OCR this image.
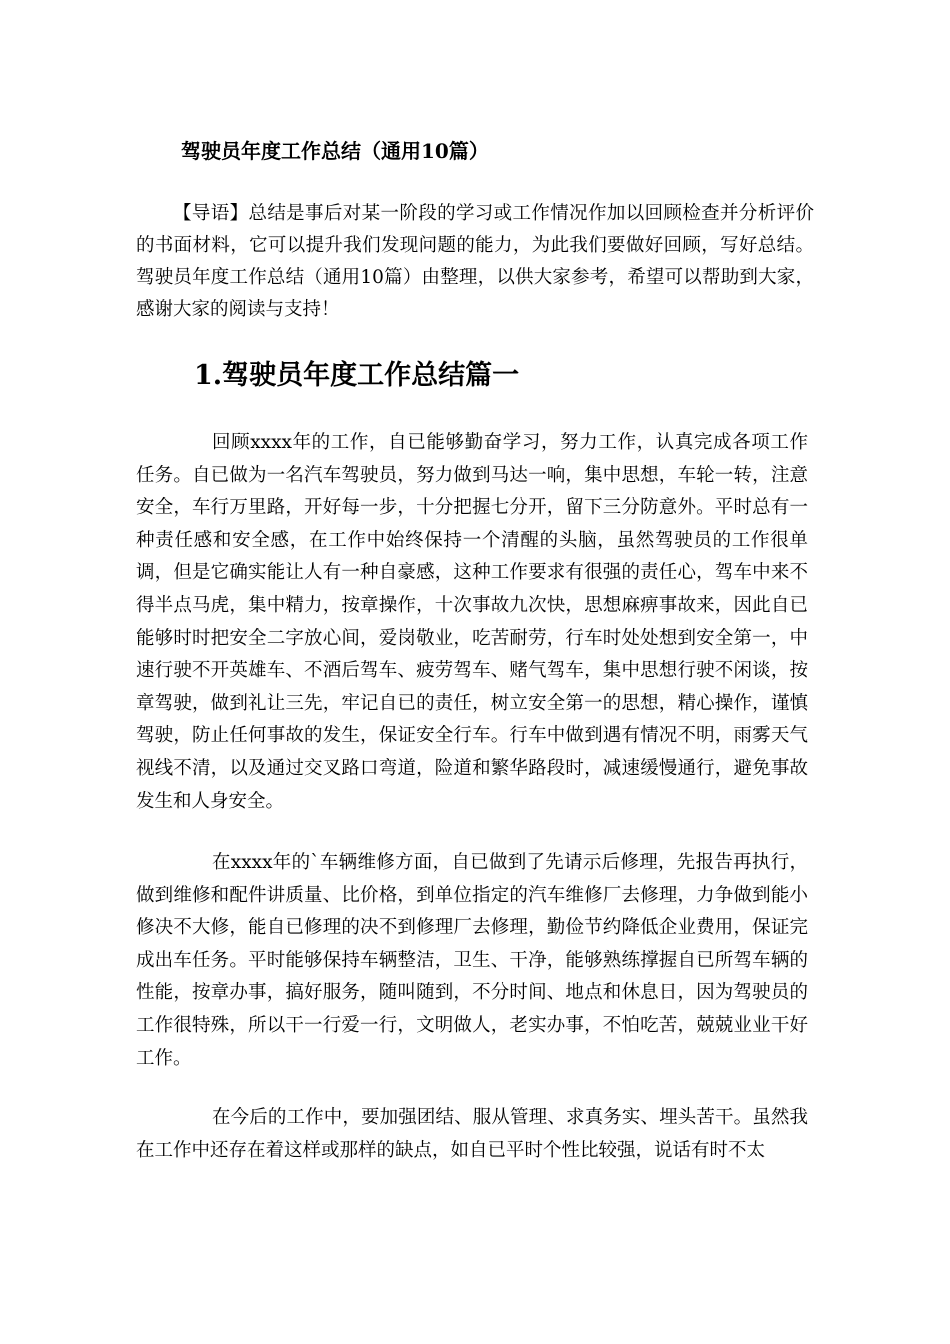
驾驶员年度工作总结（通用10篇）

【导语】总结是事后对某一阶段的学习或工作情况作加以回顾检查并分析评价的书面材料，它可以提升我们发现问题的能力，为此我们要做好回顾，写好总结。驾驶员年度工作总结（通用10篇）由整理，以供大家参考，希望可以帮助到大家，感谢大家的阅读与支持！

1.驾驶员年度工作总结篇一

回顾xxxx年的工作，自已能够勤奋学习，努力工作，认真完成各项工作任务。自已做为一名汽车驾驶员，努力做到马达一响，集中思想，车轮一转，注意安全，车行万里路，开好每一步，十分把握七分开，留下三分防意外。平时总有一种责任感和安全感，在工作中始终保持一个清醒的头脑，虽然驾驶员的工作很单调，但是它确实能让人有一种自豪感，这种工作要求有很强的责任心，驾车中来不得半点马虎，集中精力，按章操作，十次事故九次快，思想麻痹事故来，因此自已能够时时把安全二字放心间，爱岗敬业，吃苦耐劳，行车时处处想到安全第一，中速行驶不开英雄车、不酒后驾车、疲劳驾车、赌气驾车，集中思想行驶不闲谈，按章驾驶，做到礼让三先，牢记自已的责任，树立安全第一的思想，精心操作，谨慎驾驶，防止任何事故的发生，保证安全行车。行车中做到遇有情况不明，雨雾天气视线不清，以及通过交叉路口弯道，险道和繁华路段时，减速缓慢通行，避免事故发生和人身安全。

在xxxx年的`车辆维修方面，自已做到了先请示后修理，先报告再执行，做到维修和配件讲质量、比价格，到单位指定的汽车维修厂去修理，力争做到能小修决不大修，能自已修理的决不到修理厂去修理，勤俭节约降低企业费用，保证完成出车任务。平时能够保持车辆整洁，卫生、干净，能够熟练撑握自已所驾车辆的性能，按章办事，搞好服务，随叫随到，不分时间、地点和休息日，因为驾驶员的工作很特殊，所以干一行爱一行，文明做人，老实办事，不怕吃苦，兢兢业业干好工作。

在今后的工作中，要加强团结、服从管理、求真务实、埋头苦干。虽然我在工作中还存在着这样或那样的缺点，如自已平时个性比较强，说话有时不太
